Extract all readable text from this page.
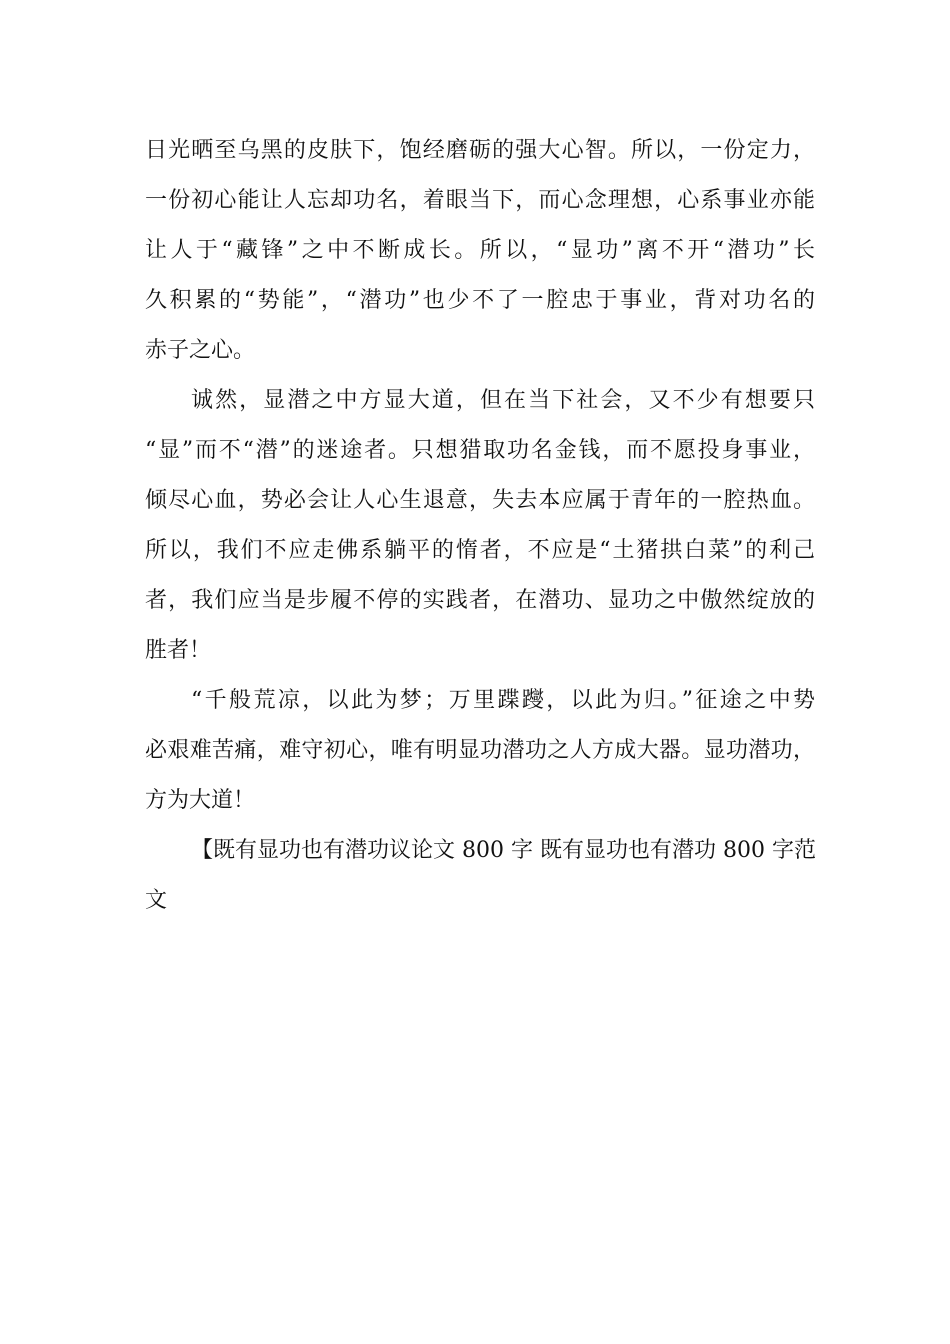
日光晒至乌黑的皮肤下，饱经磨砺的强大心智。所以，一份定力，
一份初心能让人忘却功名，着眼当下，而心念理想，心系事业亦能
让人于“藏锋”之中不断成长。所以，“显功”离不开“潜功”长
久积累的“势能”，“潜功”也少不了一腔忠于事业，背对功名的
赤子之心。
诚然，显潜之中方显大道，但在当下社会，又不少有想要只
“显”而不“潜”的迷途者。只想猎取功名金钱，而不愿投身事业，
倾尽心血，势必会让人心生退意，失去本应属于青年的一腔热血。
所以，我们不应走佛系躺平的惰者，不应是“土猪拱白菜”的利己
者，我们应当是步履不停的实践者，在潜功、显功之中傲然绽放的
胜者！
“千般荒凉，以此为梦；万里蹀躞，以此为归。”征途之中势
必艰难苦痛，难守初心，唯有明显功潜功之人方成大器。显功潜功，
方为大道！
【既有显功也有潜功议论文 800 字 既有显功也有潜功 800 字范
文
